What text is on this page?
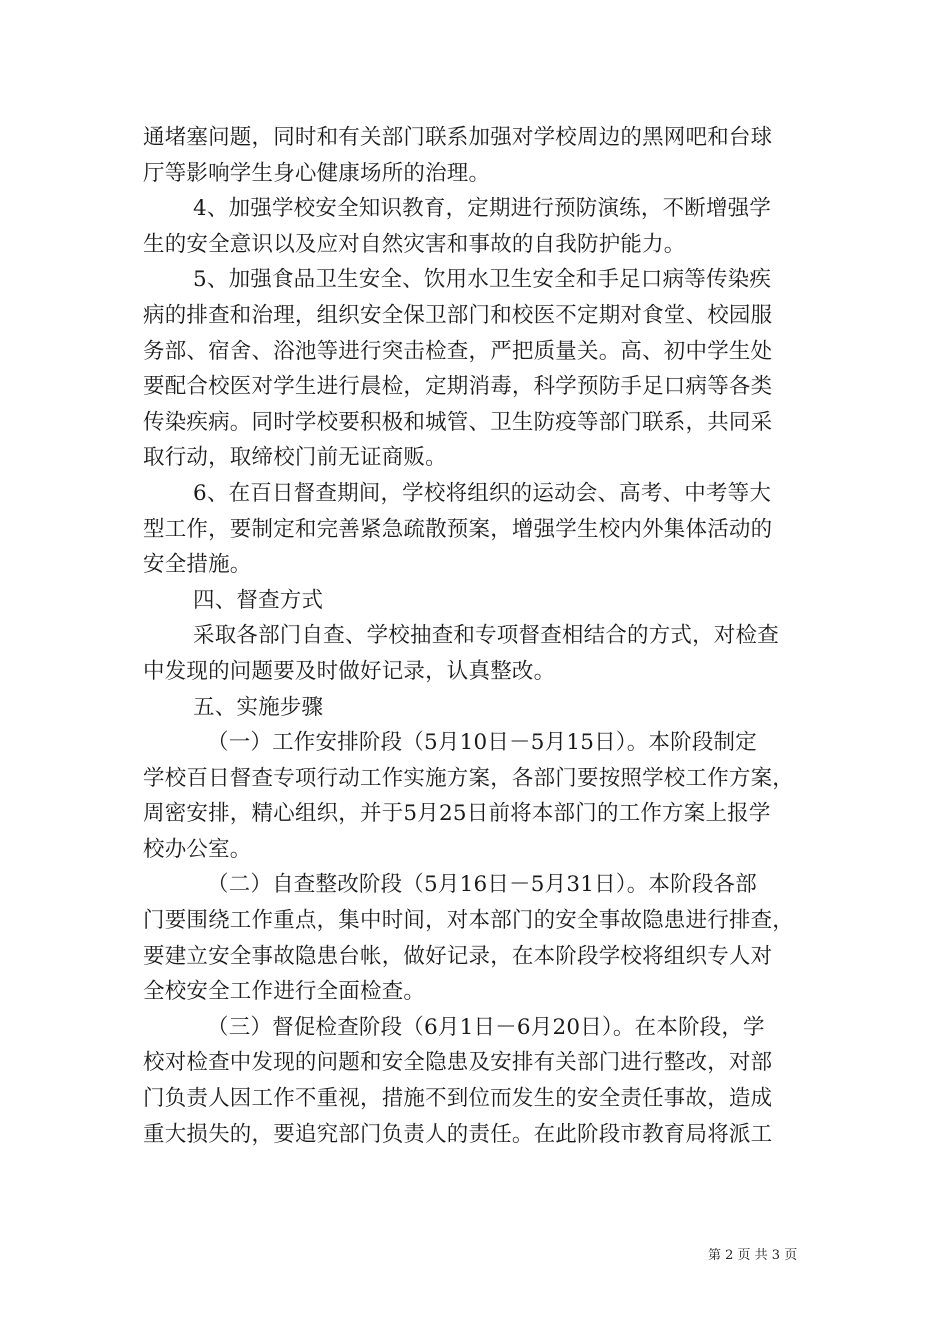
通堵塞问题，同时和有关部门联系加强对学校周边的黑网吧和台球
厅等影响学生身心健康场所的治理。
4、加强学校安全知识教育，定期进行预防演练，不断增强学
生的安全意识以及应对自然灾害和事故的自我防护能力。
5、加强食品卫生安全、饮用水卫生安全和手足口病等传染疾
病的排查和治理，组织安全保卫部门和校医不定期对食堂、校园服
务部、宿舍、浴池等进行突击检查，严把质量关。高、初中学生处
要配合校医对学生进行晨检，定期消毒，科学预防手足口病等各类
传染疾病。同时学校要积极和城管、卫生防疫等部门联系，共同采
取行动，取缔校门前无证商贩。
6、在百日督查期间，学校将组织的运动会、高考、中考等大
型工作，要制定和完善紧急疏散预案，增强学生校内外集体活动的
安全措施。
四、督查方式
采取各部门自查、学校抽查和专项督查相结合的方式，对检查
中发现的问题要及时做好记录，认真整改。
五、实施步骤
（一）工作安排阶段（5月10日－5月15日）。本阶段制定
学校百日督查专项行动工作实施方案，各部门要按照学校工作方案，
周密安排，精心组织，并于5月25日前将本部门的工作方案上报学
校办公室。
（二）自查整改阶段（5月16日－5月31日）。本阶段各部
门要围绕工作重点，集中时间，对本部门的安全事故隐患进行排查，
要建立安全事故隐患台帐，做好记录，在本阶段学校将组织专人对
全校安全工作进行全面检查。
（三）督促检查阶段（6月1日－6月20日）。在本阶段，学
校对检查中发现的问题和安全隐患及安排有关部门进行整改，对部
门负责人因工作不重视，措施不到位而发生的安全责任事故，造成
重大损失的，要追究部门负责人的责任。在此阶段市教育局将派工
第 2 页 共 3 页
